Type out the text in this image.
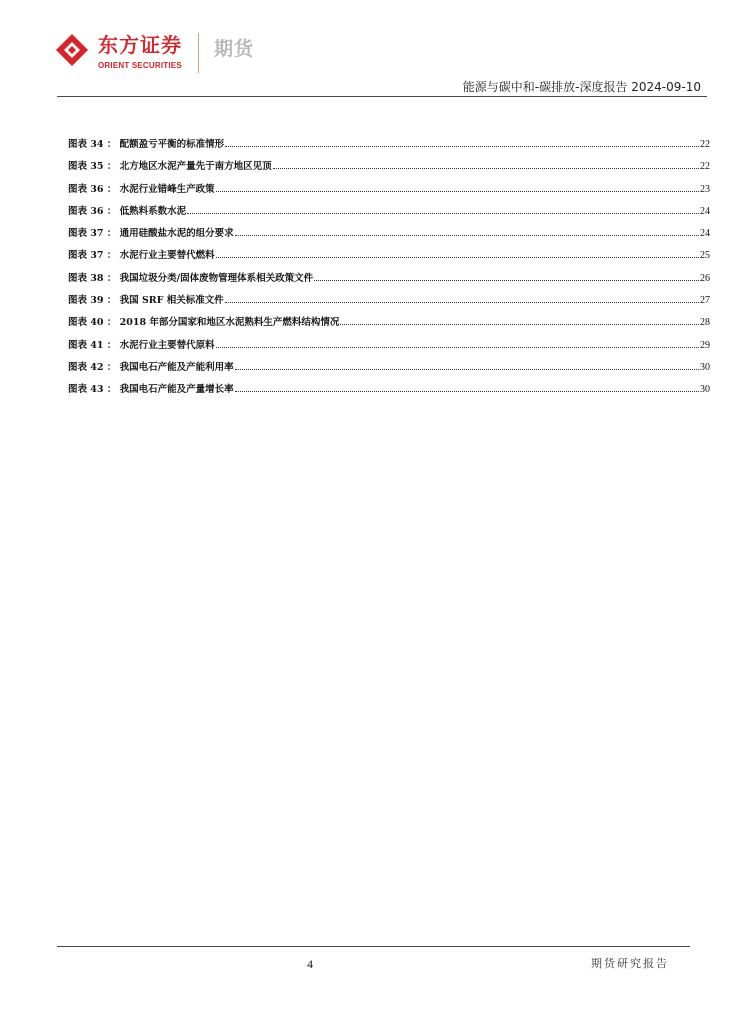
东方证券
ORIENT SECURITIES
期货
能源与碳中和-碳排放-深度报告 2024-09-10
图表 34 ： 配额盈亏平衡的标准情形	22
图表 35 ： 北方地区水泥产量先于南方地区见顶	22
图表 36 ： 水泥行业错峰生产政策	23
图表 36 ： 低熟料系数水泥	24
图表 37 ： 通用硅酸盐水泥的组分要求	24
图表 37 ： 水泥行业主要替代燃料	25
图表 38 ： 我国垃圾分类/固体废物管理体系相关政策文件	26
图表 39 ： 我国 SRF 相关标准文件	27
图表 40 ： 2018 年部分国家和地区水泥熟料生产燃料结构情况	28
图表 41 ： 水泥行业主要替代原料	29
图表 42 ： 我国电石产能及产能利用率	30
图表 43 ： 我国电石产能及产量增长率	30
4	期货研究报告
